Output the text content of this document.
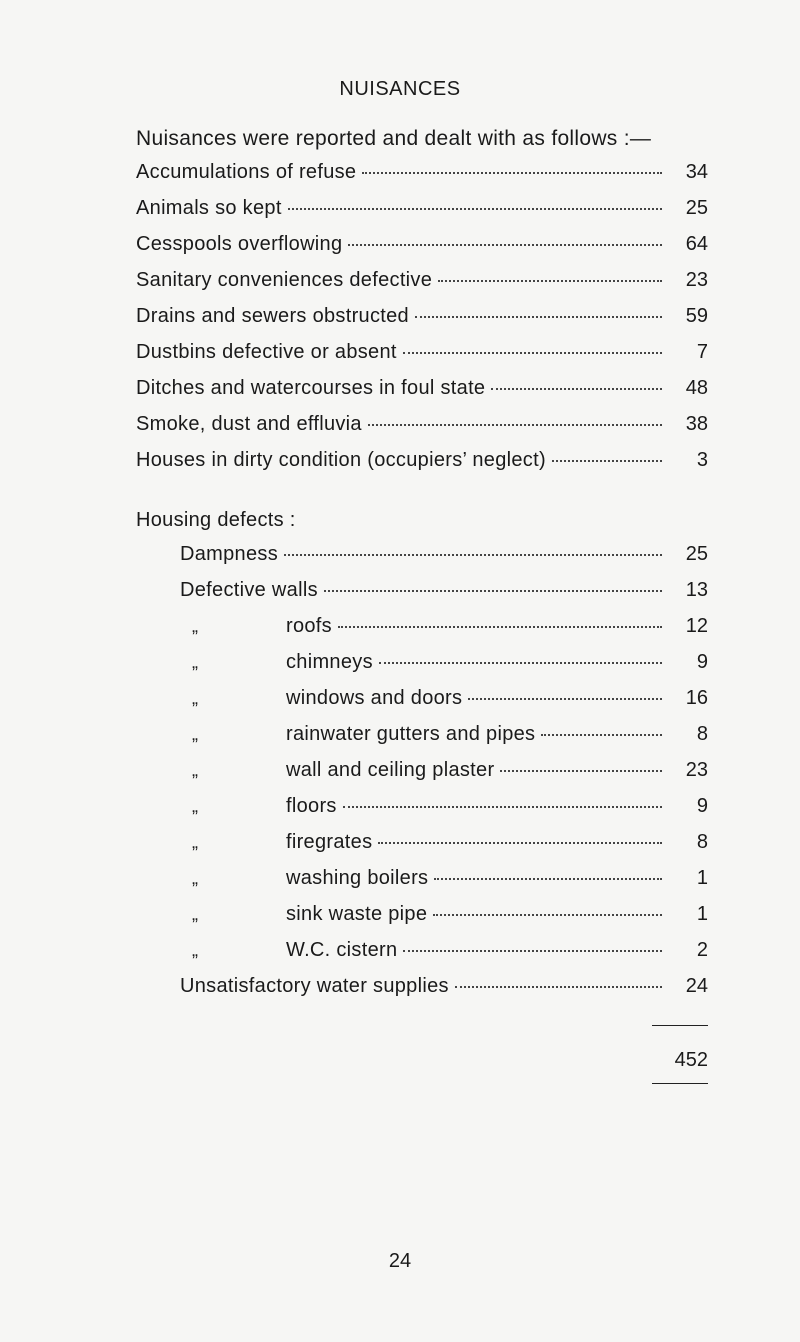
NUISANCES
Nuisances were reported and dealt with as follows :—
Accumulations of refuse	34
Animals so kept	25
Cesspools overflowing	64
Sanitary conveniences defective	23
Drains and sewers obstructed	59
Dustbins defective or absent	7
Ditches and watercourses in foul state	48
Smoke, dust and effluvia	38
Houses in dirty condition (occupiers’ neglect)	3
Housing defects :
Dampness	25
Defective walls	13
„	roofs	12
„	chimneys	9
„	windows and doors	16
„	rainwater gutters and pipes	8
„	wall and ceiling plaster	23
„	floors	9
„	firegrates	8
„	washing boilers	1
„	sink waste pipe	1
„	W.C. cistern	2
Unsatisfactory water supplies	24
452
24
